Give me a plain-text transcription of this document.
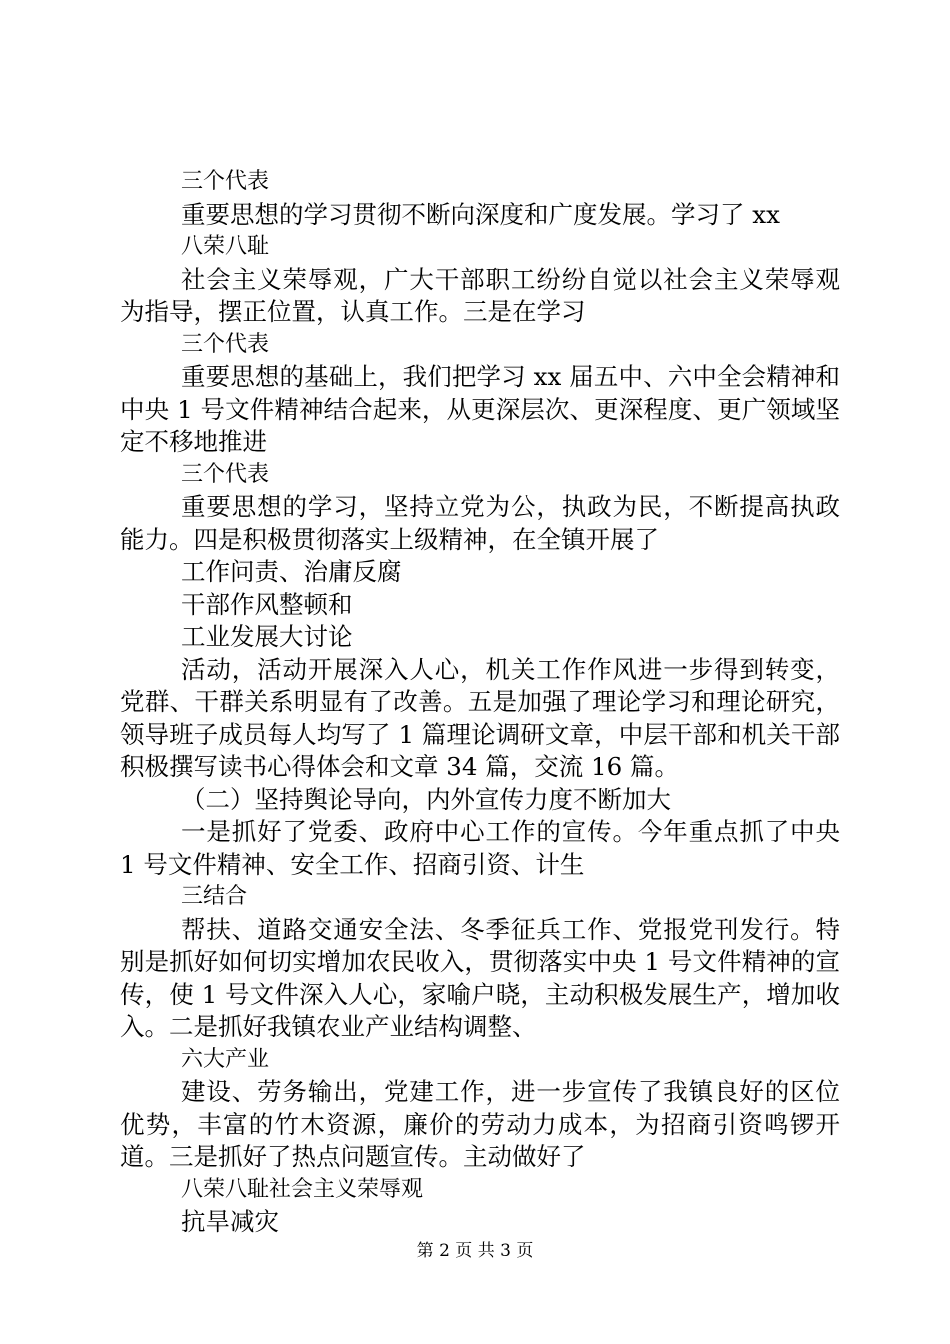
三个代表

重要思想的学习贯彻不断向深度和广度发展。学习了 xx

八荣八耻

社会主义荣辱观，广大干部职工纷纷自觉以社会主义荣辱观为指导，摆正位置，认真工作。三是在学习

三个代表

重要思想的基础上，我们把学习 xx 届五中、六中全会精神和中央 1 号文件精神结合起来，从更深层次、更深程度、更广领域坚定不移地推进

三个代表

重要思想的学习，坚持立党为公，执政为民，不断提高执政能力。四是积极贯彻落实上级精神，在全镇开展了

工作问责、治庸反腐

干部作风整顿和

工业发展大讨论

活动，活动开展深入人心，机关工作作风进一步得到转变，党群、干群关系明显有了改善。五是加强了理论学习和理论研究，领导班子成员每人均写了 1 篇理论调研文章，中层干部和机关干部积极撰写读书心得体会和文章 34 篇，交流 16 篇。

（二）坚持舆论导向，内外宣传力度不断加大

一是抓好了党委、政府中心工作的宣传。今年重点抓了中央 1 号文件精神、安全工作、招商引资、计生

三结合

帮扶、道路交通安全法、冬季征兵工作、党报党刊发行。特别是抓好如何切实增加农民收入，贯彻落实中央 1 号文件精神的宣传，使 1 号文件深入人心，家喻户晓，主动积极发展生产，增加收入。二是抓好我镇农业产业结构调整、

六大产业

建设、劳务输出，党建工作，进一步宣传了我镇良好的区位优势，丰富的竹木资源，廉价的劳动力成本，为招商引资鸣锣开道。三是抓好了热点问题宣传。主动做好了

八荣八耻社会主义荣辱观

抗旱减灾

第 2 页 共 3 页
